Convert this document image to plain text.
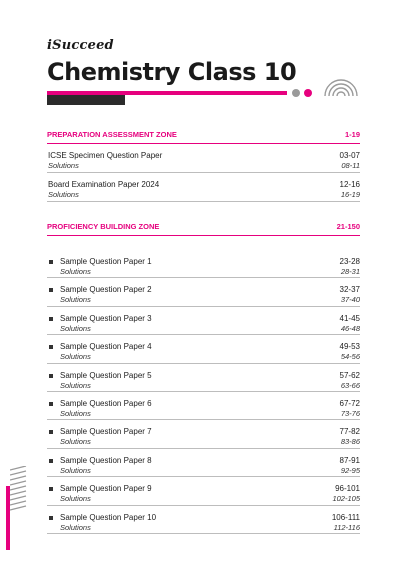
iSucceed
Chemistry Class 10
PREPARATION ASSESSMENT ZONE	1-19
ICSE Specimen Question Paper	03-07
Solutions	08-11
Board Examination Paper 2024	12-16
Solutions	16-19
PROFICIENCY BUILDING ZONE	21-150
Sample Question Paper 1	23-28
Solutions	28-31
Sample Question Paper 2	32-37
Solutions	37-40
Sample Question Paper 3	41-45
Solutions	46-48
Sample Question Paper 4	49-53
Solutions	54-56
Sample Question Paper 5	57-62
Solutions	63-66
Sample Question Paper 6	67-72
Solutions	73-76
Sample Question Paper 7	77-82
Solutions	83-86
Sample Question Paper 8	87-91
Solutions	92-95
Sample Question Paper 9	96-101
Solutions	102-105
Sample Question Paper 10	106-111
Solutions	112-116
